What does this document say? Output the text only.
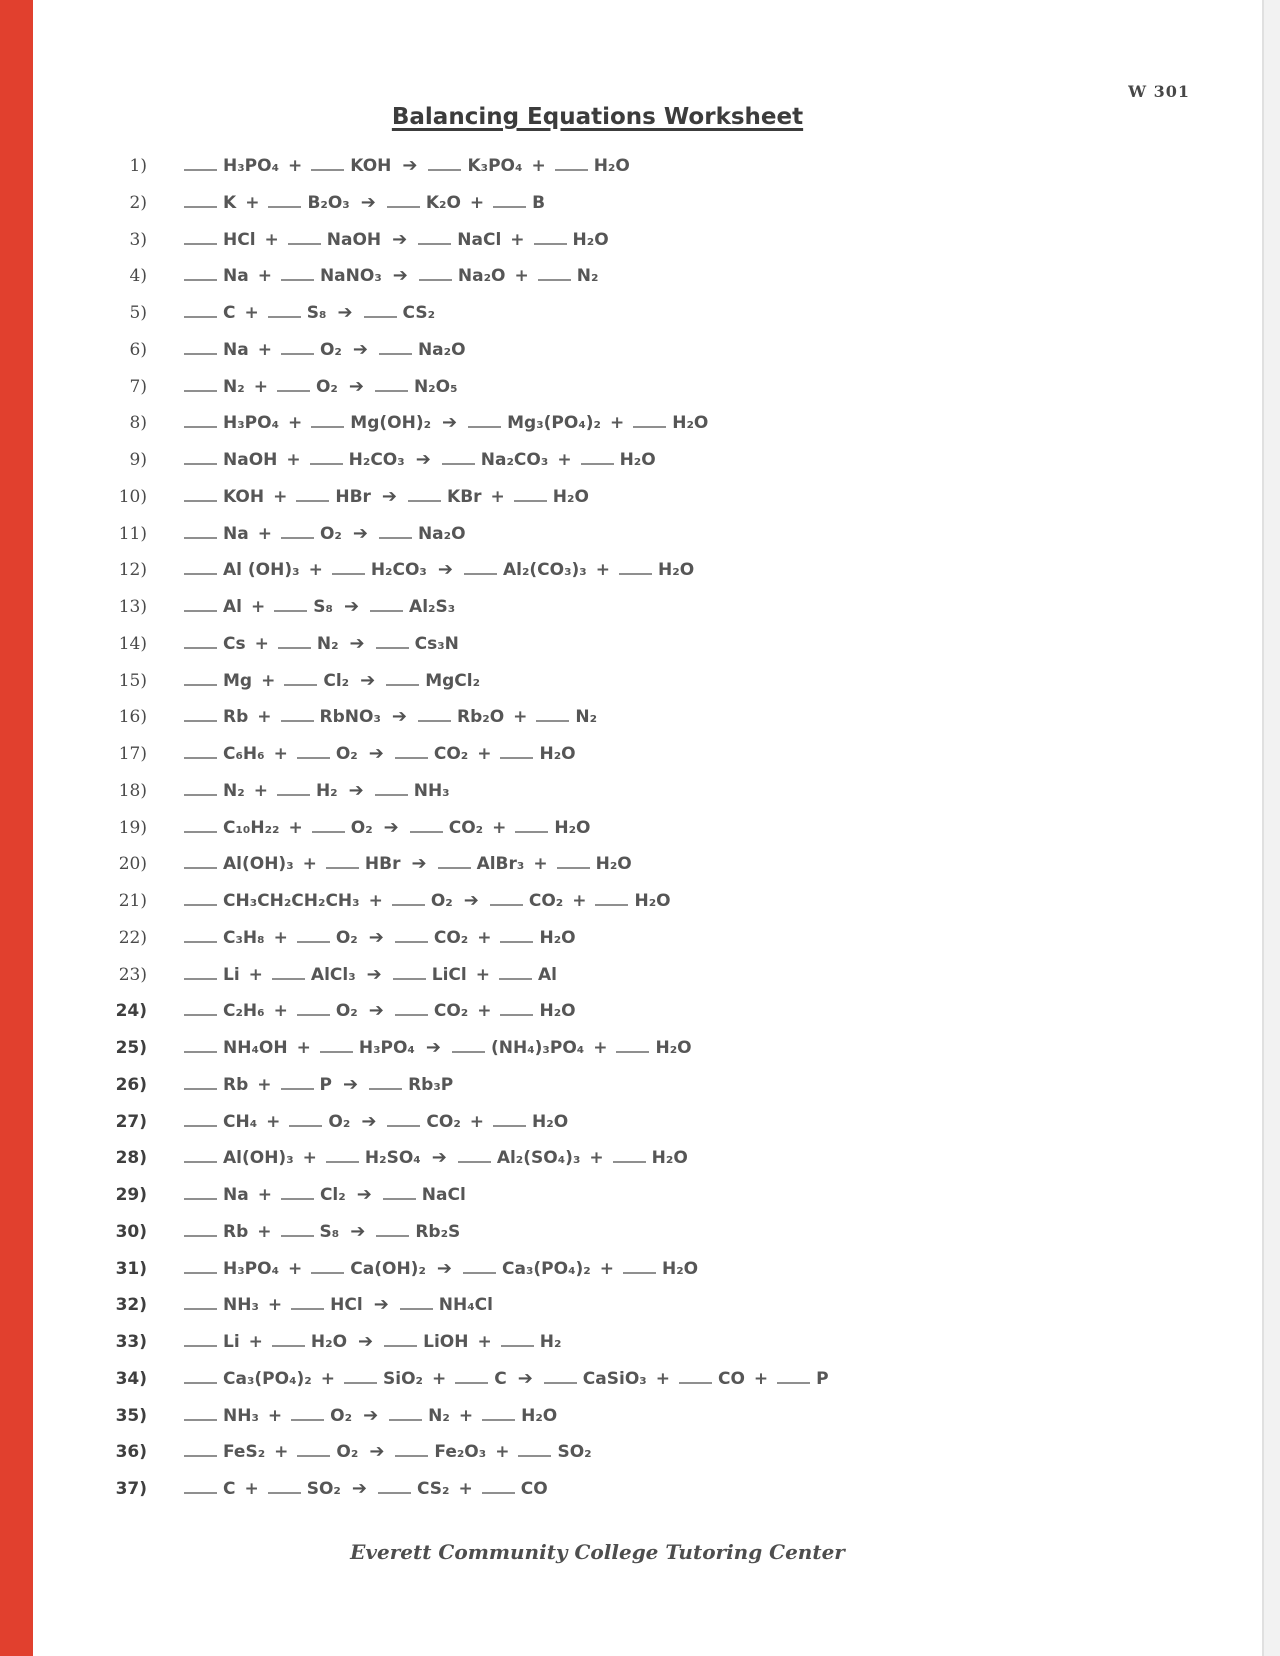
W 301
Balancing Equations Worksheet
1)	H₃PO₄ +	KOH ➔	K₃PO₄ +	H₂O
2)	K +	B₂O₃ ➔	K₂O +	B
3)	HCl +	NaOH ➔	NaCl +	H₂O
4)	Na +	NaNO₃ ➔	Na₂O +	N₂
5)	C +	S₈ ➔	CS₂
6)	Na +	O₂ ➔	Na₂O
7)	N₂ +	O₂ ➔	N₂O₅
8)	H₃PO₄ +	Mg(OH)₂ ➔	Mg₃(PO₄)₂ +	H₂O
9)	NaOH +	H₂CO₃ ➔	Na₂CO₃ +	H₂O
10)	KOH +	HBr ➔	KBr +	H₂O
11)	Na +	O₂ ➔	Na₂O
12)	Al (OH)₃ +	H₂CO₃ ➔	Al₂(CO₃)₃ +	H₂O
13)	Al +	S₈ ➔	Al₂S₃
14)	Cs +	N₂ ➔	Cs₃N
15)	Mg +	Cl₂ ➔	MgCl₂
16)	Rb +	RbNO₃ ➔	Rb₂O +	N₂
17)	C₆H₆ +	O₂ ➔	CO₂ +	H₂O
18)	N₂ +	H₂ ➔	NH₃
19)	C₁₀H₂₂ +	O₂ ➔	CO₂ +	H₂O
20)	Al(OH)₃ +	HBr ➔	AlBr₃ +	H₂O
21)	CH₃CH₂CH₂CH₃ +	O₂ ➔	CO₂ +	H₂O
22)	C₃H₈ +	O₂ ➔	CO₂ +	H₂O
23)	Li +	AlCl₃ ➔	LiCl +	Al
24)	C₂H₆ +	O₂ ➔	CO₂ +	H₂O
25)	NH₄OH +	H₃PO₄ ➔	(NH₄)₃PO₄ +	H₂O
26)	Rb +	P ➔	Rb₃P
27)	CH₄ +	O₂ ➔	CO₂ +	H₂O
28)	Al(OH)₃ +	H₂SO₄ ➔	Al₂(SO₄)₃ +	H₂O
29)	Na +	Cl₂ ➔	NaCl
30)	Rb +	S₈ ➔	Rb₂S
31)	H₃PO₄ +	Ca(OH)₂ ➔	Ca₃(PO₄)₂ +	H₂O
32)	NH₃ +	HCl ➔	NH₄Cl
33)	Li +	H₂O ➔	LiOH +	H₂
34)	Ca₃(PO₄)₂ +	SiO₂ +	C ➔	CaSiO₃ +	CO +	P
35)	NH₃ +	O₂ ➔	N₂ +	H₂O
36)	FeS₂ +	O₂ ➔	Fe₂O₃ +	SO₂
37)	C +	SO₂ ➔	CS₂ +	CO
Everett Community College Tutoring Center
